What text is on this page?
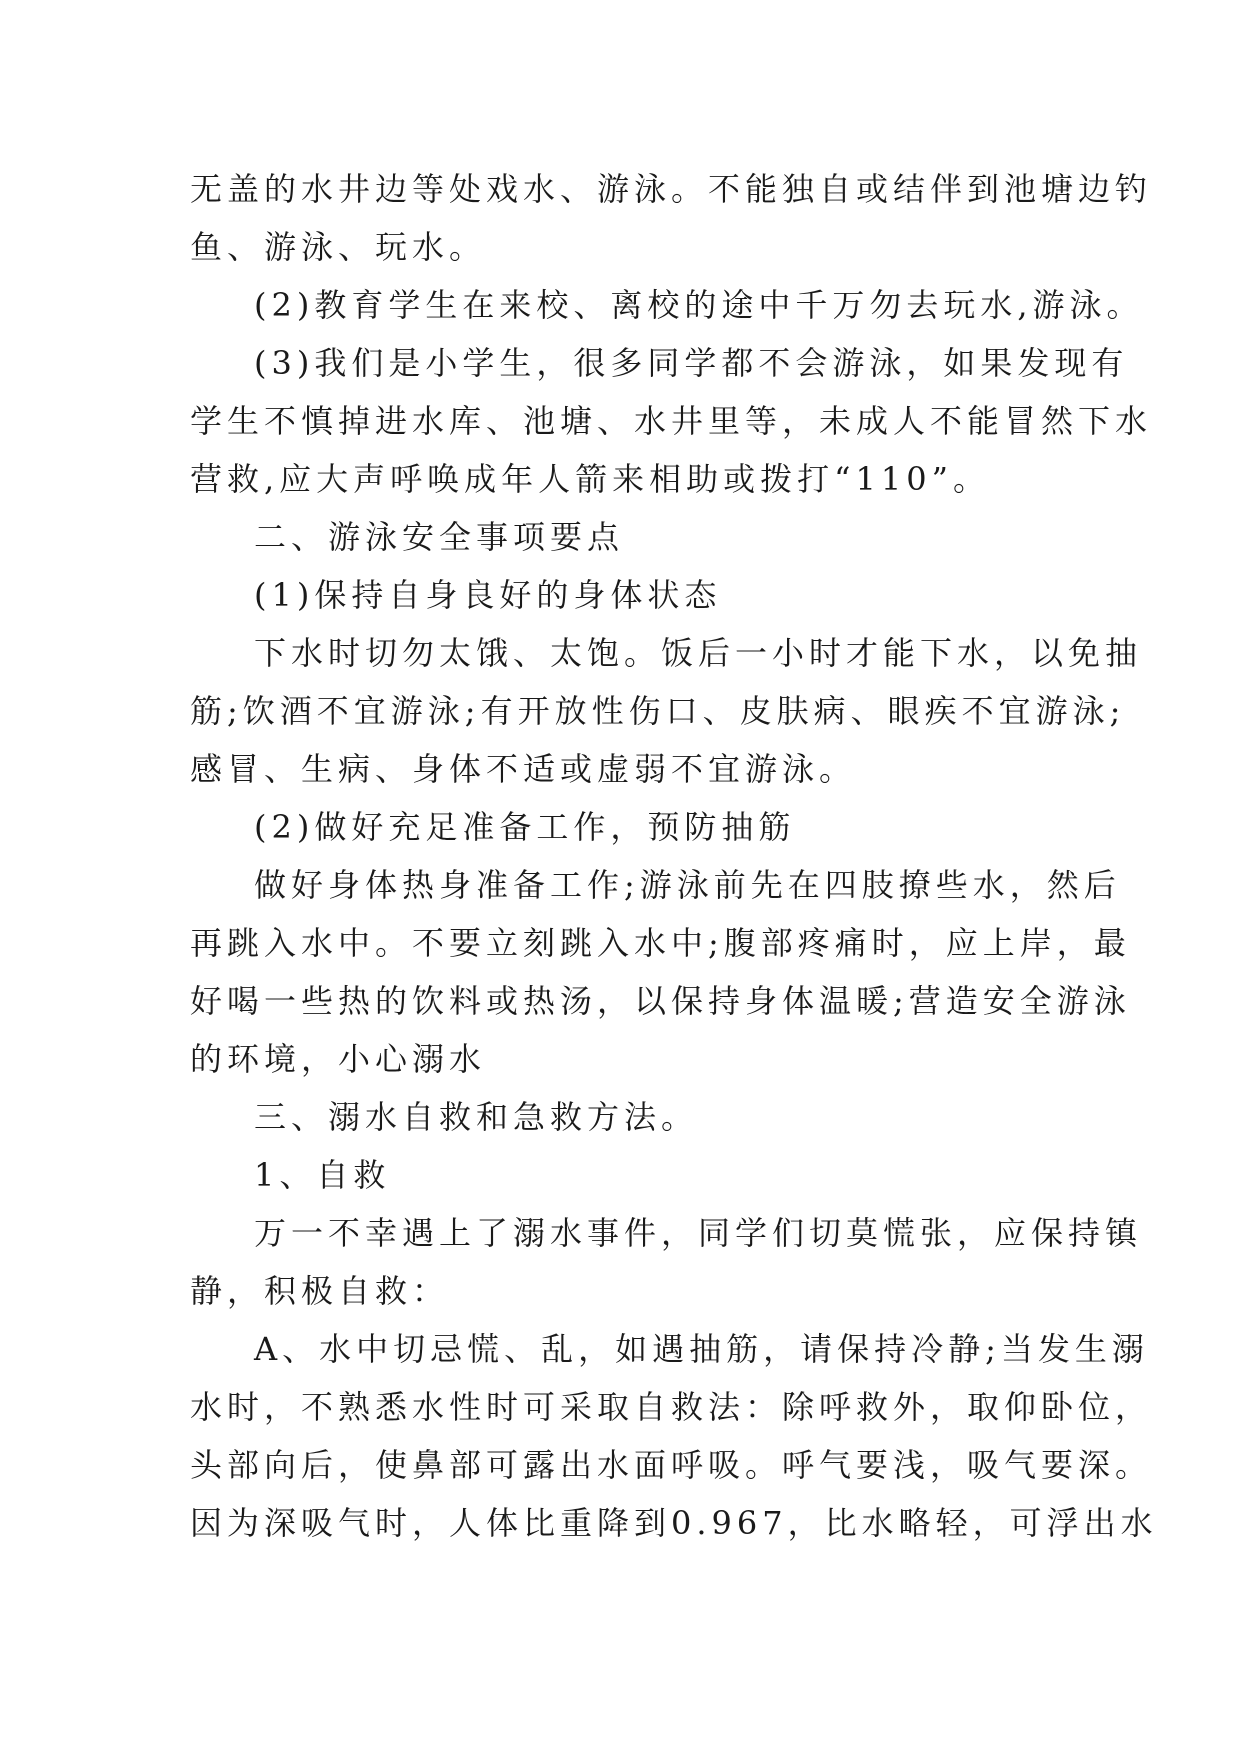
无盖的水井边等处戏水、游泳。不能独自或结伴到池塘边钓

鱼、游泳、玩水。

(2)教育学生在来校、离校的途中千万勿去玩水,游泳。

(3)我们是小学生，很多同学都不会游泳，如果发现有

学生不慎掉进水库、池塘、水井里等，未成人不能冒然下水

营救,应大声呼唤成年人箭来相助或拨打“110”。

二、游泳安全事项要点

(1)保持自身良好的身体状态

下水时切勿太饿、太饱。饭后一小时才能下水，以免抽

筋;饮酒不宜游泳;有开放性伤口、皮肤病、眼疾不宜游泳;

感冒、生病、身体不适或虚弱不宜游泳。

(2)做好充足准备工作，预防抽筋

做好身体热身准备工作;游泳前先在四肢撩些水，然后

再跳入水中。不要立刻跳入水中;腹部疼痛时，应上岸，最

好喝一些热的饮料或热汤，以保持身体温暖;营造安全游泳

的环境，小心溺水

三、溺水自救和急救方法。

1、自救

万一不幸遇上了溺水事件，同学们切莫慌张，应保持镇

静，积极自救：

A、水中切忌慌、乱，如遇抽筋，请保持冷静;当发生溺

水时，不熟悉水性时可采取自救法：除呼救外，取仰卧位，

头部向后，使鼻部可露出水面呼吸。呼气要浅，吸气要深。

因为深吸气时，人体比重降到0.967，比水略轻，可浮出水
